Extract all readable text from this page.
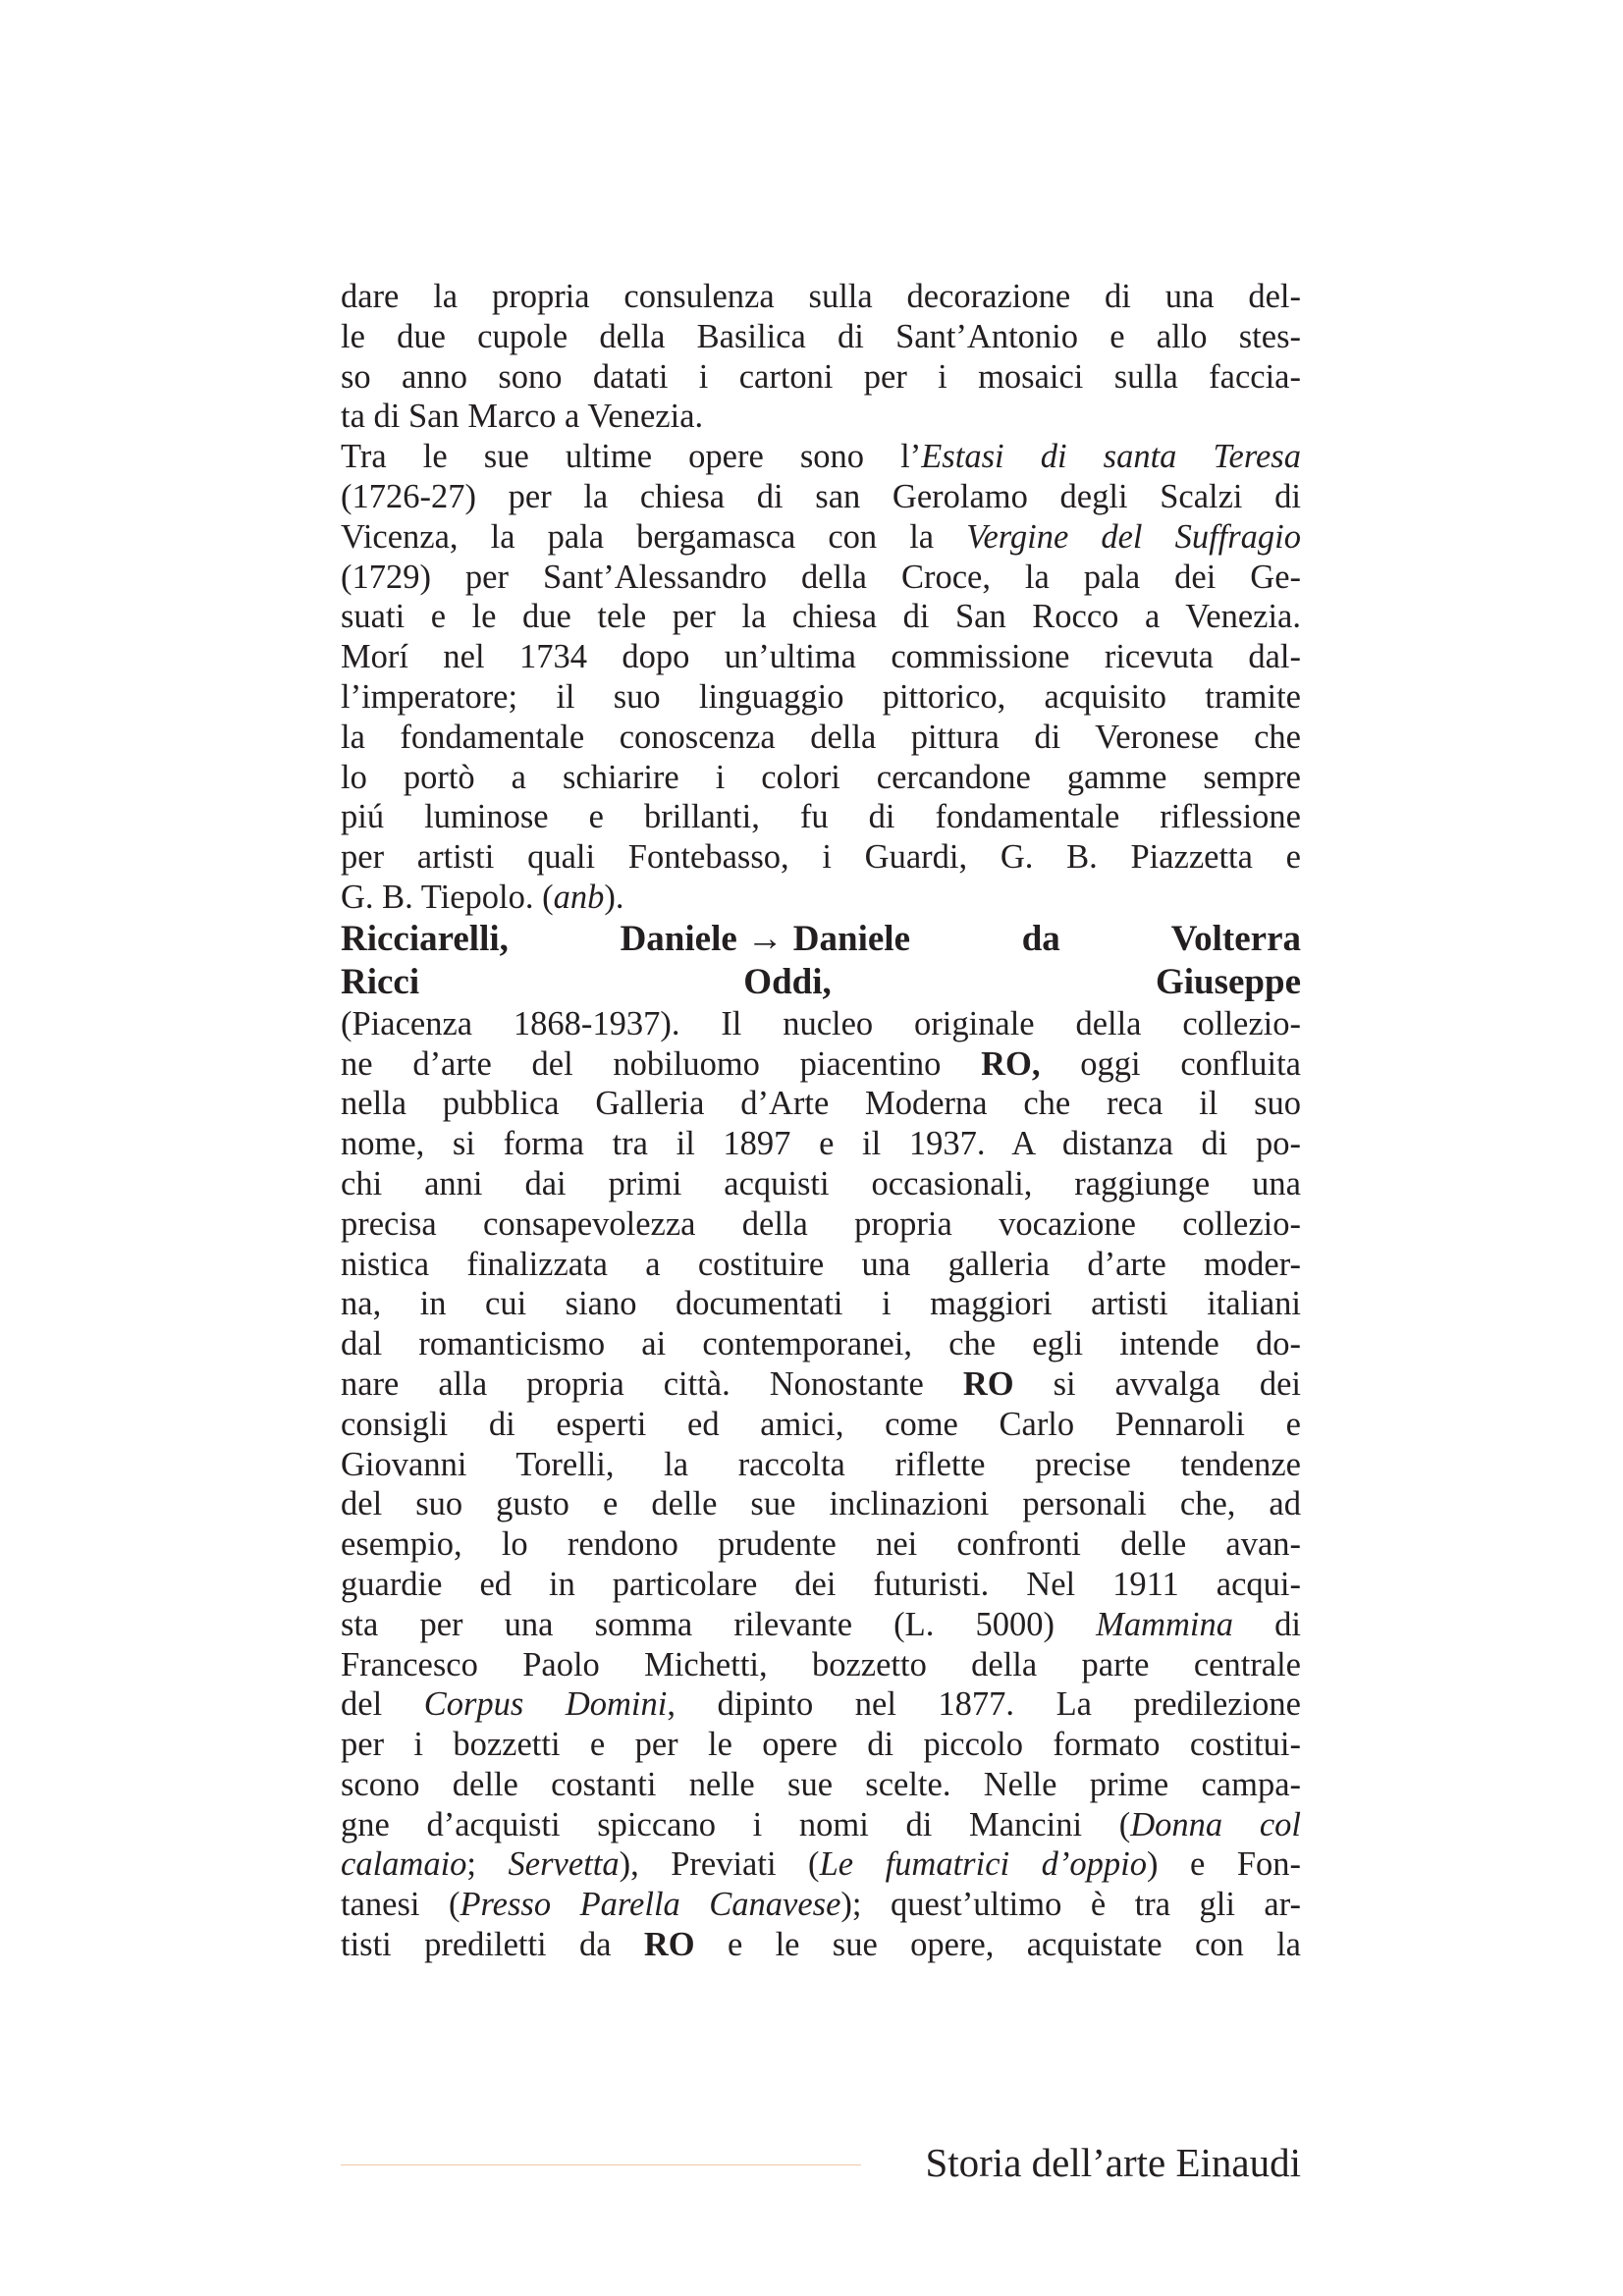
dare la propria consulenza sulla decorazione di una del-

le due cupole della Basilica di Sant’Antonio e allo stes-

so anno sono datati i cartoni per i mosaici sulla faccia-

ta di San Marco a Venezia.

Tra le sue ultime opere sono l’Estasi di santa Teresa

(1726-27) per la chiesa di san Gerolamo degli Scalzi di

Vicenza, la pala bergamasca con la Vergine del Suffragio

(1729) per Sant’Alessandro della Croce, la pala dei Ge-

suati e le due tele per la chiesa di San Rocco a Venezia.

Morí nel 1734 dopo un’ultima commissione ricevuta dal-

l’imperatore; il suo linguaggio pittorico, acquisito tramite

la fondamentale conoscenza della pittura di Veronese che

lo portò a schiarire i colori cercandone gamme sempre

piú luminose e brillanti, fu di fondamentale riflessione

per artisti quali Fontebasso, i Guardi, G. B. Piazzetta e

G. B. Tiepolo. (anb).

Ricciarelli, Daniele → Daniele da Volterra

Ricci Oddi, Giuseppe

(Piacenza 1868-1937). Il nucleo originale della collezio-

ne d’arte del nobiluomo piacentino RO, oggi confluita

nella pubblica Galleria d’Arte Moderna che reca il suo

nome, si forma tra il 1897 e il 1937. A distanza di po-

chi anni dai primi acquisti occasionali, raggiunge una

precisa consapevolezza della propria vocazione collezio-

nistica finalizzata a costituire una galleria d’arte moder-

na, in cui siano documentati i maggiori artisti italiani

dal romanticismo ai contemporanei, che egli intende do-

nare alla propria città. Nonostante RO si avvalga dei

consigli di esperti ed amici, come Carlo Pennaroli e

Giovanni Torelli, la raccolta riflette precise tendenze

del suo gusto e delle sue inclinazioni personali che, ad

esempio, lo rendono prudente nei confronti delle avan-

guardie ed in particolare dei futuristi. Nel 1911 acqui-

sta per una somma rilevante (L. 5000) Mammina di

Francesco Paolo Michetti, bozzetto della parte centrale

del Corpus Domini, dipinto nel 1877. La predilezione

per i bozzetti e per le opere di piccolo formato costitui-

scono delle costanti nelle sue scelte. Nelle prime campa-

gne d’acquisti spiccano i nomi di Mancini (Donna col

calamaio; Servetta), Previati (Le fumatrici d’oppio) e Fon-

tanesi (Presso Parella Canavese); quest’ultimo è tra gli ar-

tisti prediletti da RO e le sue opere, acquistate con la

Storia dell’arte Einaudi
